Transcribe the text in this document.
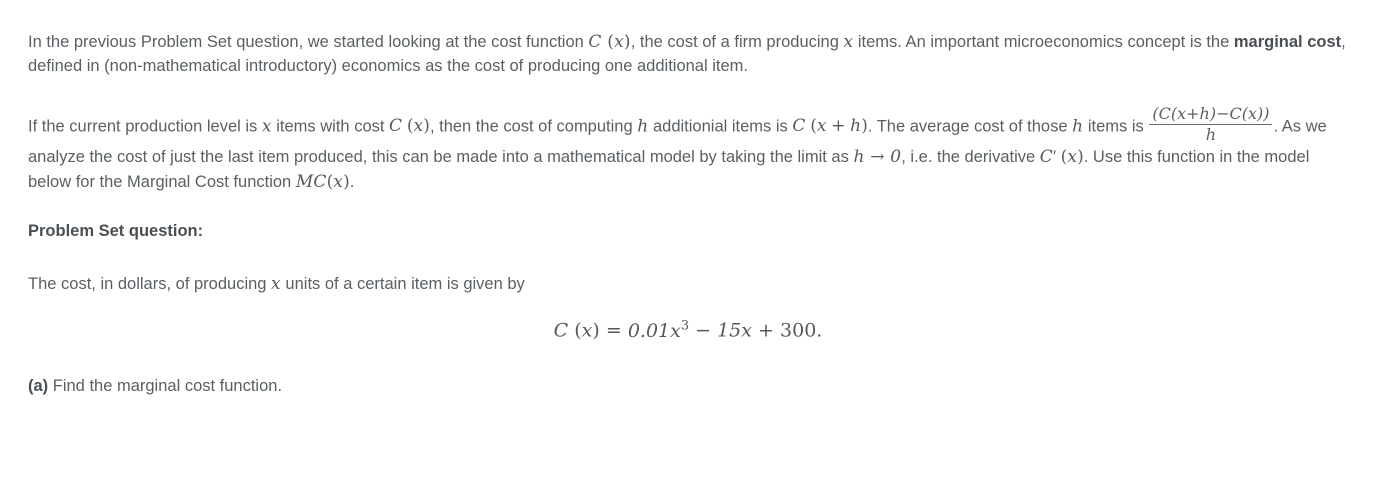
In the previous Problem Set question, we started looking at the cost function C (x), the cost of a firm producing x items. An important microeconomics concept is the marginal cost, defined in (non-mathematical introductory) economics as the cost of producing one additional item.

If the current production level is x items with cost C (x), then the cost of computing h additionial items is C (x + h). The average cost of those h items is $\frac{(C(x+h)-C(x))}{h}$ . As we analyze the cost of just the last item produced, this can be made into a mathematical model by taking the limit as h → 0, i.e. the derivative C′ (x). Use this function in the model below for the Marginal Cost function MC(x).

Problem Set question:

The cost, in dollars, of producing x units of a certain item is given by

C $(x) = 0.01x^3 - 15x + 300$.

(a) Find the marginal cost function.
